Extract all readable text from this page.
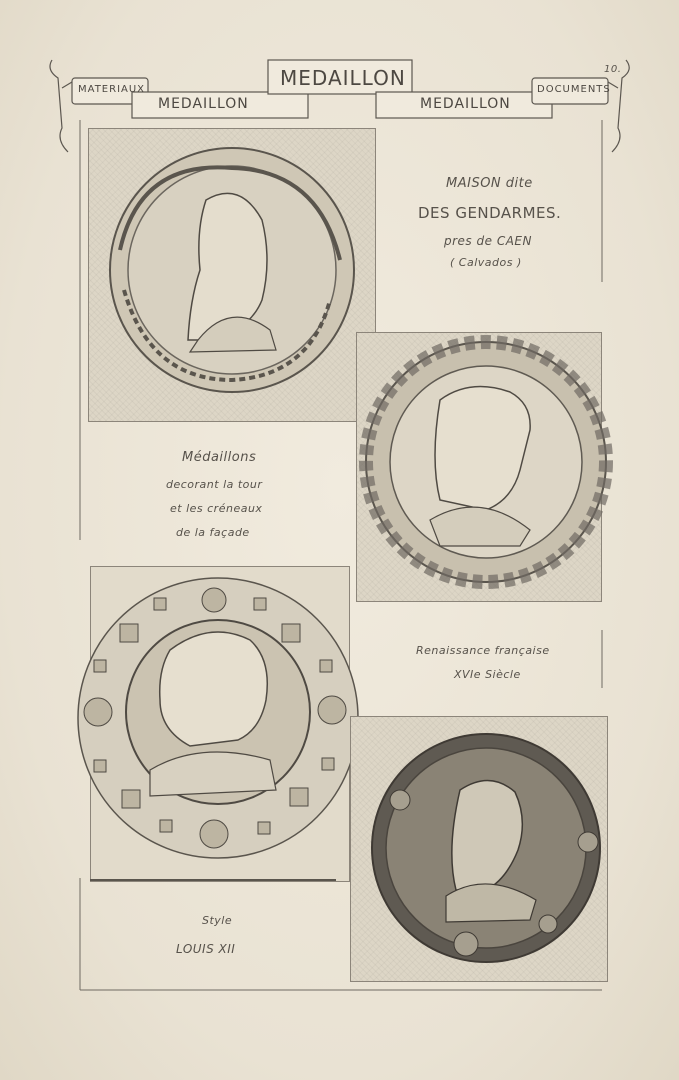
MATERIAUX
MEDAILLON
MEDAILLON
MEDAILLON
DOCUMENTS
10.
MAISON dite
DES GENDARMES.
pres de CAEN
( Calvados )
Médaillons
decorant la tour
et les créneaux
de la façade
Renaissance française
XVIe Siècle
Style
LOUIS XII
